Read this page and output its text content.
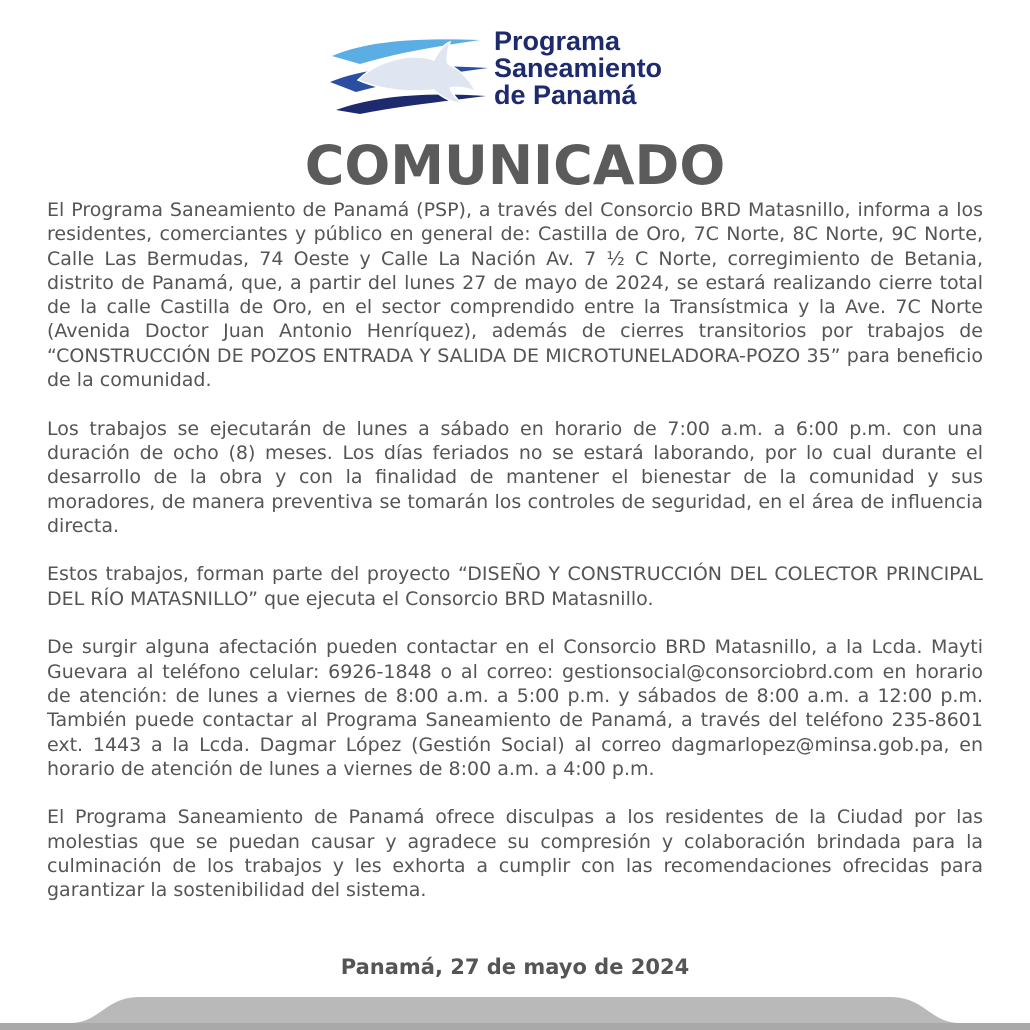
Programa
Saneamiento
de Panamá
COMUNICADO

El Programa Saneamiento de Panamá (PSP), a través del Consorcio BRD Matasnillo, informa a los residentes, comerciantes y público en general de: Castilla de Oro, 7C Norte, 8C Norte, 9C Norte, Calle Las Bermudas, 74 Oeste y Calle La Nación Av. 7 ½ C Norte, corregimiento de Betania, distrito de Panamá, que, a partir del lunes 27 de mayo de 2024, se estará realizando cierre total de la calle Castilla de Oro, en el sector comprendido entre la Transístmica y la Ave. 7C Norte (Avenida Doctor Juan Antonio Henríquez), además de cierres transitorios por trabajos de “CONSTRUCCIÓN DE POZOS ENTRADA Y SALIDA DE MICROTUNELADORA-POZO 35” para beneficio de la comunidad.

Los trabajos se ejecutarán de lunes a sábado en horario de 7:00 a.m. a 6:00 p.m. con una duración de ocho (8) meses. Los días feriados no se estará laborando, por lo cual durante el desarrollo de la obra y con la finalidad de mantener el bienestar de la comunidad y sus moradores, de manera preventiva se tomarán los controles de seguridad, en el área de influencia directa.

Estos trabajos, forman parte del proyecto “DISEÑO Y CONSTRUCCIÓN DEL COLECTOR PRINCIPAL DEL RÍO MATASNILLO” que ejecuta el Consorcio BRD Matasnillo.

De surgir alguna afectación pueden contactar en el Consorcio BRD Matasnillo, a la Lcda. Mayti Guevara al teléfono celular: 6926-1848 o al correo: gestionsocial@consorciobrd.com en horario de atención: de lunes a viernes de 8:00 a.m. a 5:00 p.m. y sábados de 8:00 a.m. a 12:00 p.m. También puede contactar al Programa Saneamiento de Panamá, a través del teléfono 235-8601 ext. 1443 a la Lcda. Dagmar López (Gestión Social) al correo dagmarlopez@minsa.gob.pa, en horario de atención de lunes a viernes de 8:00 a.m. a 4:00 p.m.

El Programa Saneamiento de Panamá ofrece disculpas a los residentes de la Ciudad por las molestias que se puedan causar y agradece su compresión y colaboración brindada para la culminación de los trabajos y les exhorta a cumplir con las recomendaciones ofrecidas para garantizar la sostenibilidad del sistema.

Panamá, 27 de mayo de 2024
